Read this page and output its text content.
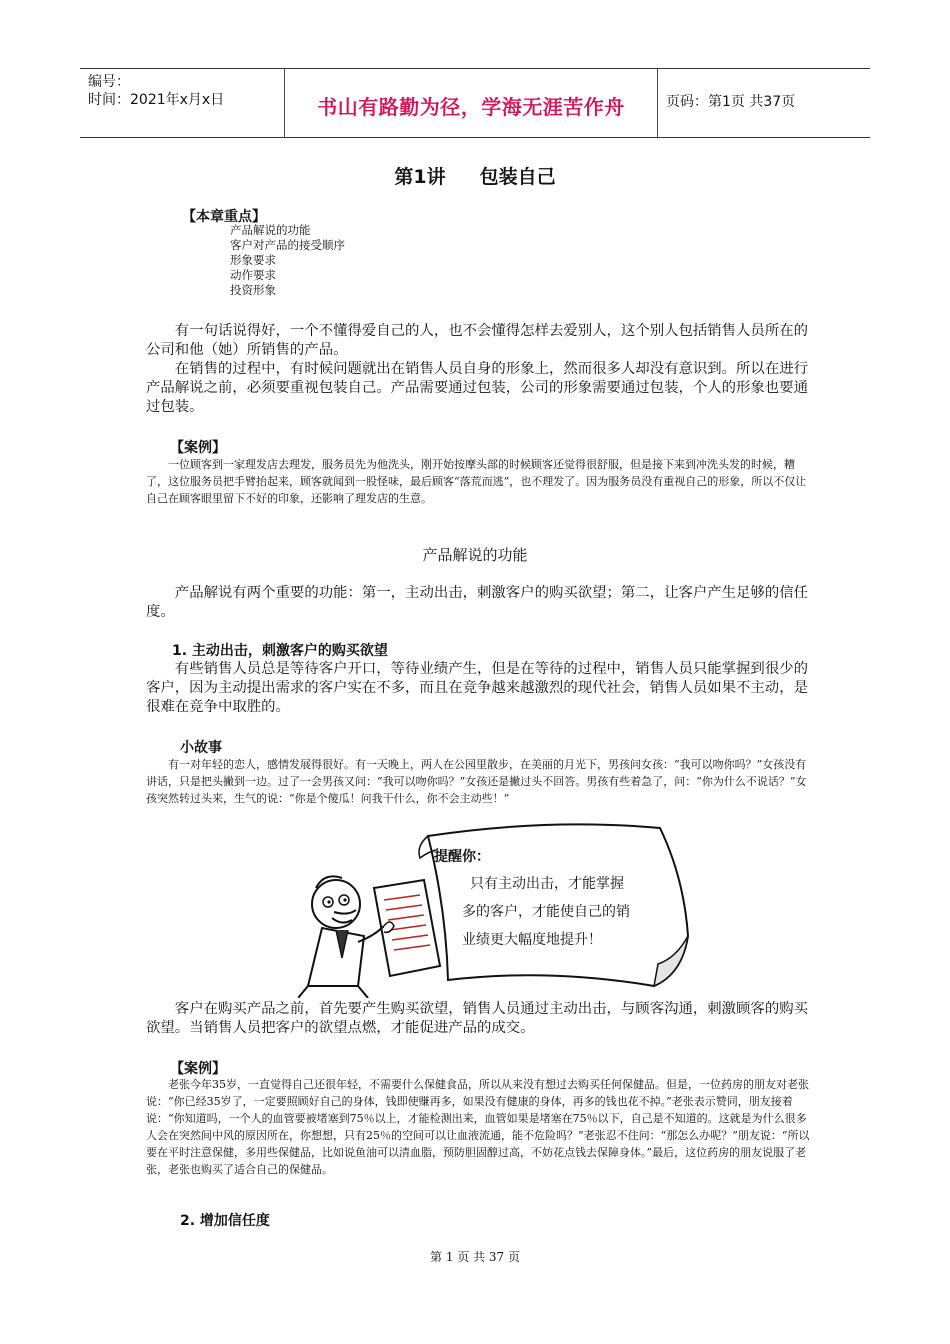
编号：
时间：2021年x月x日	书山有路勤为径，学海无涯苦作舟	页码：第1页 共37页
第1讲 包装自己
【本章重点】
产品解说的功能
客户对产品的接受顺序
形象要求
动作要求
投资形象

有一句话说得好，一个不懂得爱自己的人，也不会懂得怎样去爱别人，这个别人包括销售人员所在的公司和他（她）所销售的产品。

在销售的过程中，有时候问题就出在销售人员自身的形象上，然而很多人却没有意识到。所以在进行产品解说之前，必须要重视包装自己。产品需要通过包装，公司的形象需要通过包装，个人的形象也要通过包装。

【案例】

一位顾客到一家理发店去理发，服务员先为他洗头，刚开始按摩头部的时候顾客还觉得很舒服，但是接下来到冲洗头发的时候，糟了，这位服务员把手臂抬起来，顾客就闻到一股怪味，最后顾客“落荒而逃”，也不理发了。因为服务员没有重视自己的形象，所以不仅让自己在顾客眼里留下不好的印象，还影响了理发店的生意。

产品解说的功能

产品解说有两个重要的功能：第一，主动出击，刺激客户的购买欲望；第二，让客户产生足够的信任度。

1. 主动出击，刺激客户的购买欲望

有些销售人员总是等待客户开口，等待业绩产生，但是在等待的过程中，销售人员只能掌握到很少的客户，因为主动提出需求的客户实在不多，而且在竞争越来越激烈的现代社会，销售人员如果不主动，是很难在竞争中取胜的。

小故事

有一对年轻的恋人，感情发展得很好。有一天晚上，两人在公园里散步，在美丽的月光下，男孩问女孩：“我可以吻你吗？”女孩没有讲话，只是把头撇到一边。过了一会男孩又问：“我可以吻你吗？”女孩还是撇过头不回答。男孩有些着急了，问：“你为什么不说话？”女孩突然转过头来，生气的说：“你是个傻瓜！问我干什么，你不会主动些！”

提醒你：
只有主动出击，才能掌握
多的客户，才能使自己的销
业绩更大幅度地提升！

客户在购买产品之前，首先要产生购买欲望，销售人员通过主动出击，与顾客沟通，刺激顾客的购买欲望。当销售人员把客户的欲望点燃，才能促进产品的成交。

【案例】

老张今年35岁，一直觉得自己还很年轻，不需要什么保健食品，所以从来没有想过去购买任何保健品。但是，一位药房的朋友对老张说：“你已经35岁了，一定要照顾好自己的身体，钱即使赚再多，如果没有健康的身体，再多的钱也花不掉。”老张表示赞同，朋友接着说：“你知道吗，一个人的血管要被堵塞到75％以上，才能检测出来，血管如果是堵塞在75％以下，自己是不知道的。这就是为什么很多人会在突然间中风的原因所在，你想想，只有25％的空间可以让血液流通，能不危险吗？”老张忍不住问：“那怎么办呢？”朋友说：“所以要在平时注意保健，多用些保健品，比如说鱼油可以清血脂，预防胆固醇过高，不妨花点钱去保障身体。”最后，这位药房的朋友说服了老张，老张也购买了适合自己的保健品。

2. 增加信任度
第 1 页 共 37 页
